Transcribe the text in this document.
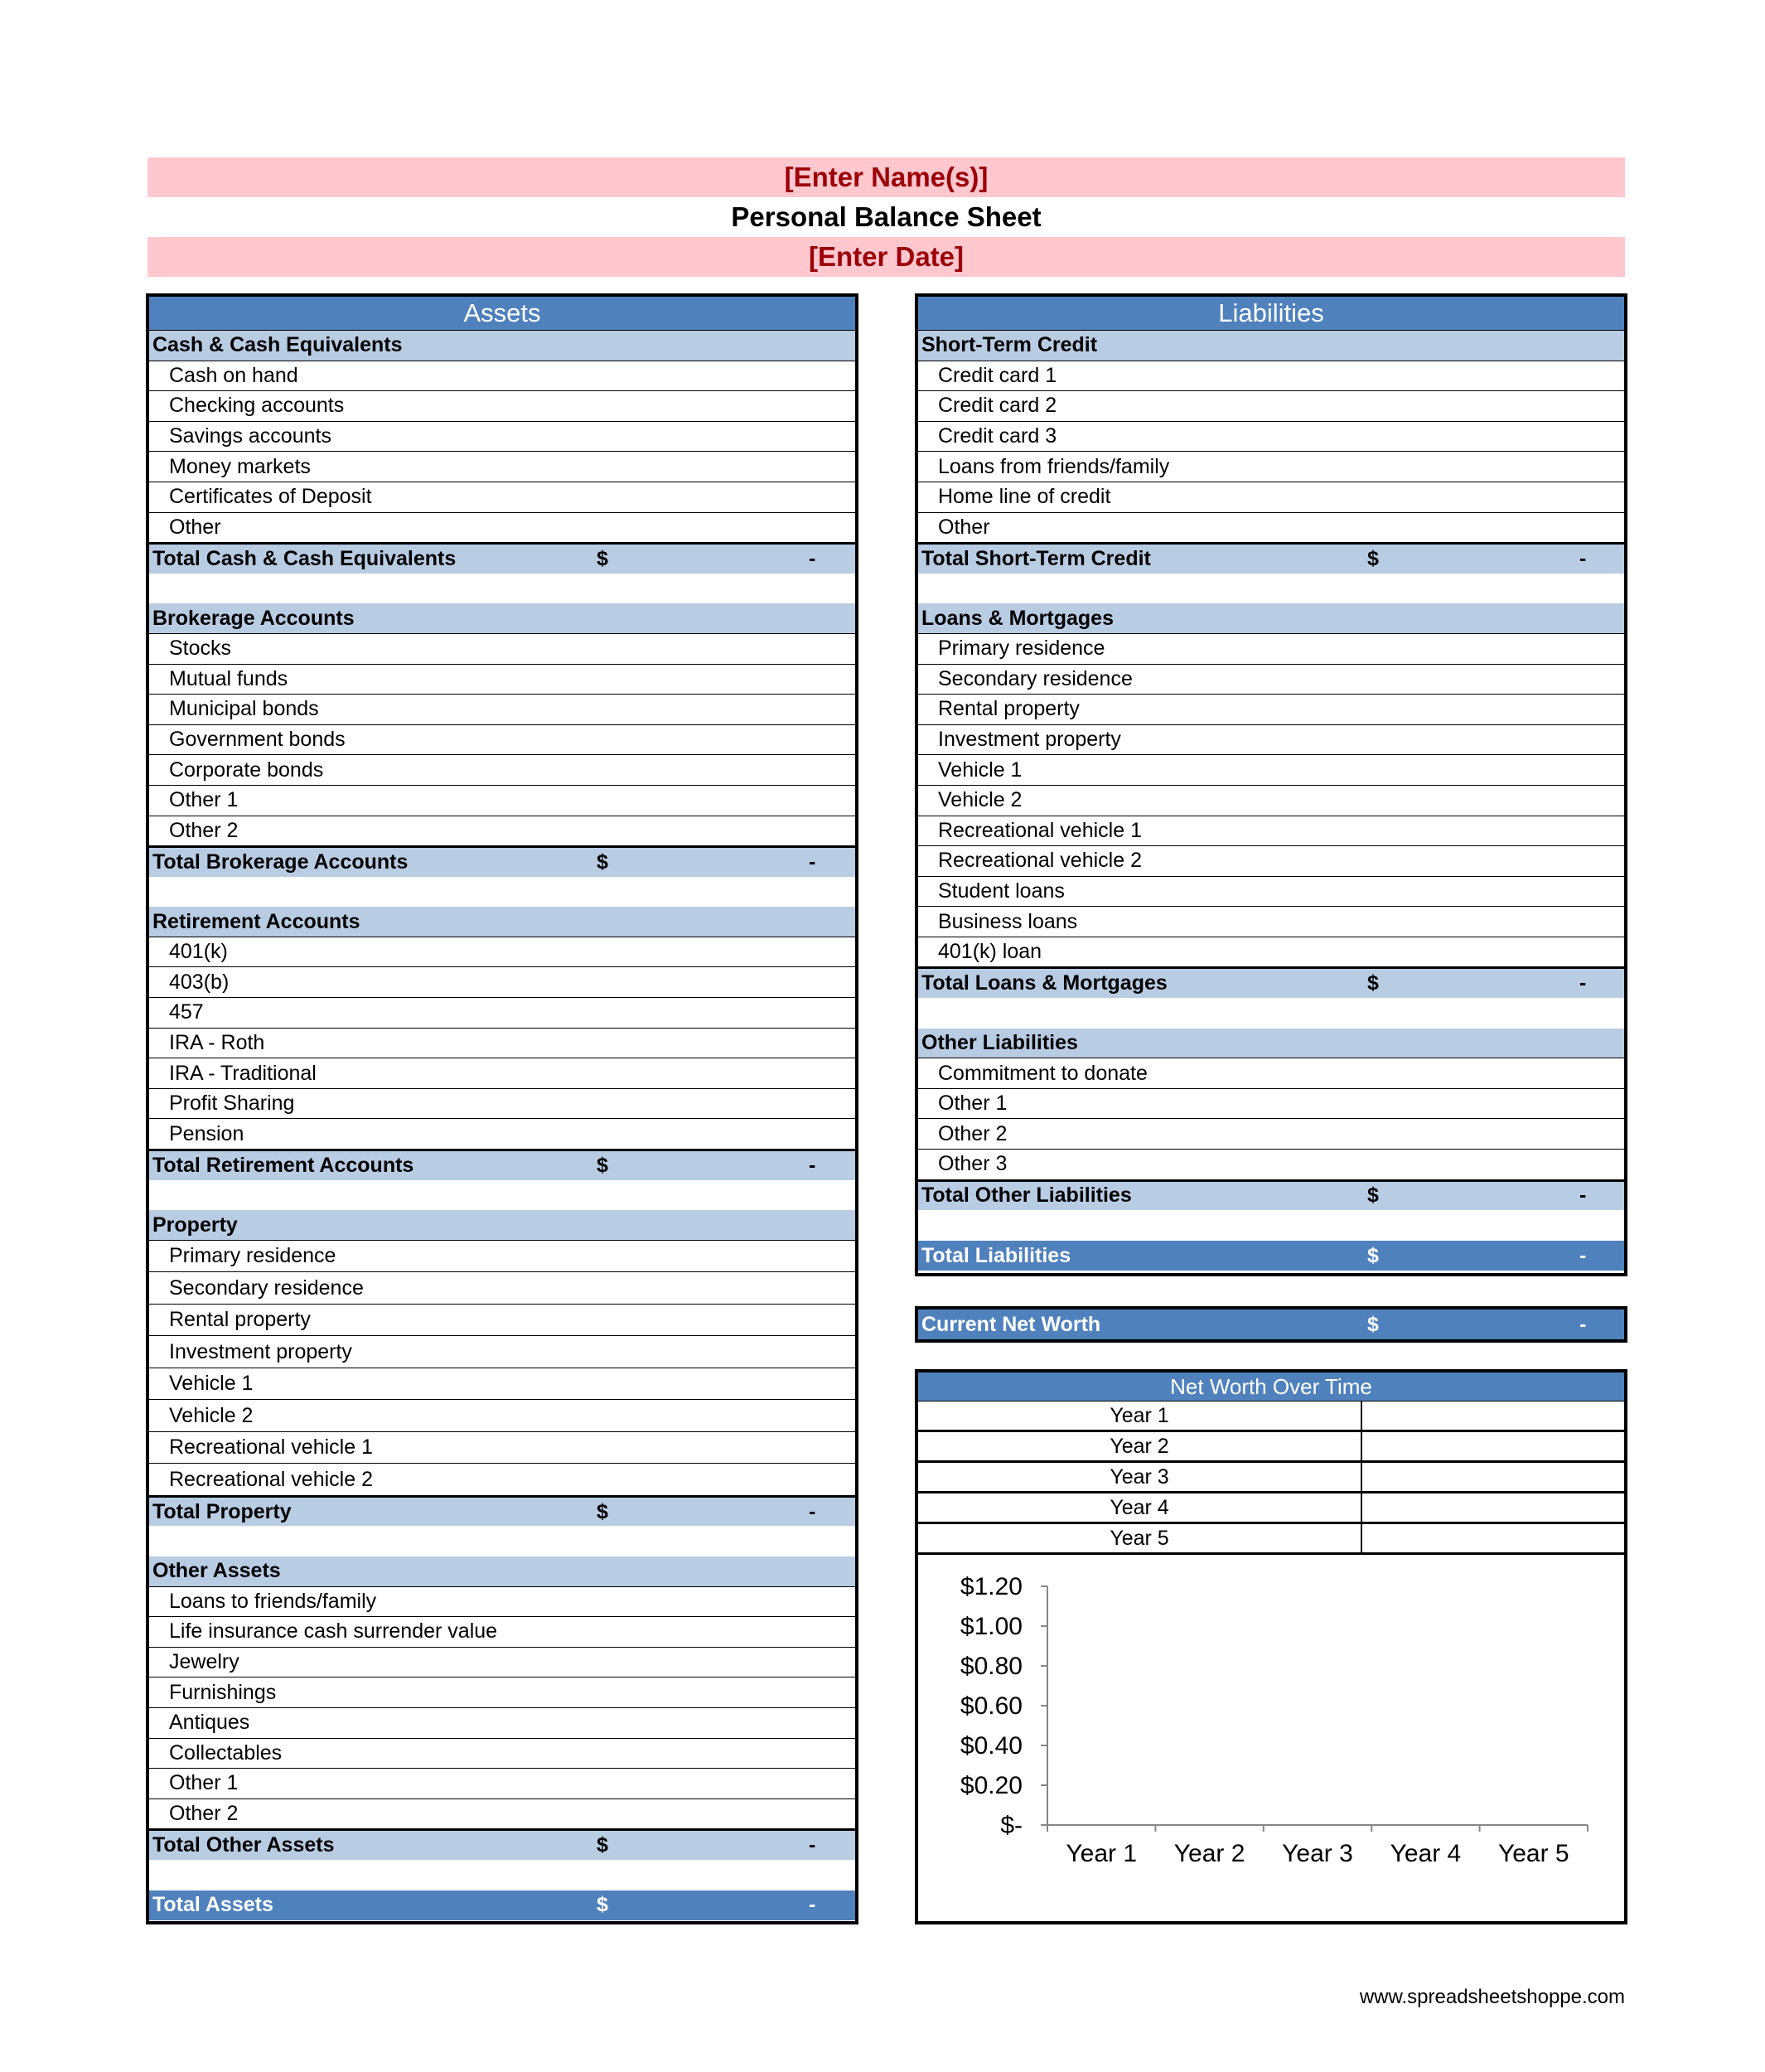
[Enter Name(s)]
Personal Balance Sheet
[Enter Date]
Assets
Cash & Cash Equivalents
Cash on hand
Checking accounts
Savings accounts
Money markets
Certificates of Deposit
Other
Total Cash & Cash Equivalents	$	-
Brokerage Accounts
Stocks
Mutual funds
Municipal bonds
Government bonds
Corporate bonds
Other 1
Other 2
Total Brokerage Accounts	$	-
Retirement Accounts
401(k)
403(b)
457
IRA - Roth
IRA - Traditional
Profit Sharing
Pension
Total Retirement Accounts	$	-
Property
Primary residence
Secondary residence
Rental property
Investment property
Vehicle 1
Vehicle 2
Recreational vehicle 1
Recreational vehicle 2
Total Property	$	-
Other Assets
Loans to friends/family
Life insurance cash surrender value
Jewelry
Furnishings
Antiques
Collectables
Other 1
Other 2
Total Other Assets	$	-
Total Assets	$	-
Liabilities
Short-Term Credit
Credit card 1
Credit card 2
Credit card 3
Loans from friends/family
Home line of credit
Other
Total Short-Term Credit	$	-
Loans & Mortgages
Primary residence
Secondary residence
Rental property
Investment property
Vehicle 1
Vehicle 2
Recreational vehicle 1
Recreational vehicle 2
Student loans
Business loans
401(k) loan
Total Loans & Mortgages	$	-
Other Liabilities
Commitment to donate
Other 1
Other 2
Other 3
Total Other Liabilities	$	-
Total Liabilities	$	-
Current Net Worth	$	-
Net Worth Over Time
Year 1
Year 2
Year 3
Year 4
Year 5
$-
$0.20
$0.40
$0.60
$0.80
$1.00
$1.20
Year 1 Year 2 Year 3 Year 4 Year 5
www.spreadsheetshoppe.com
